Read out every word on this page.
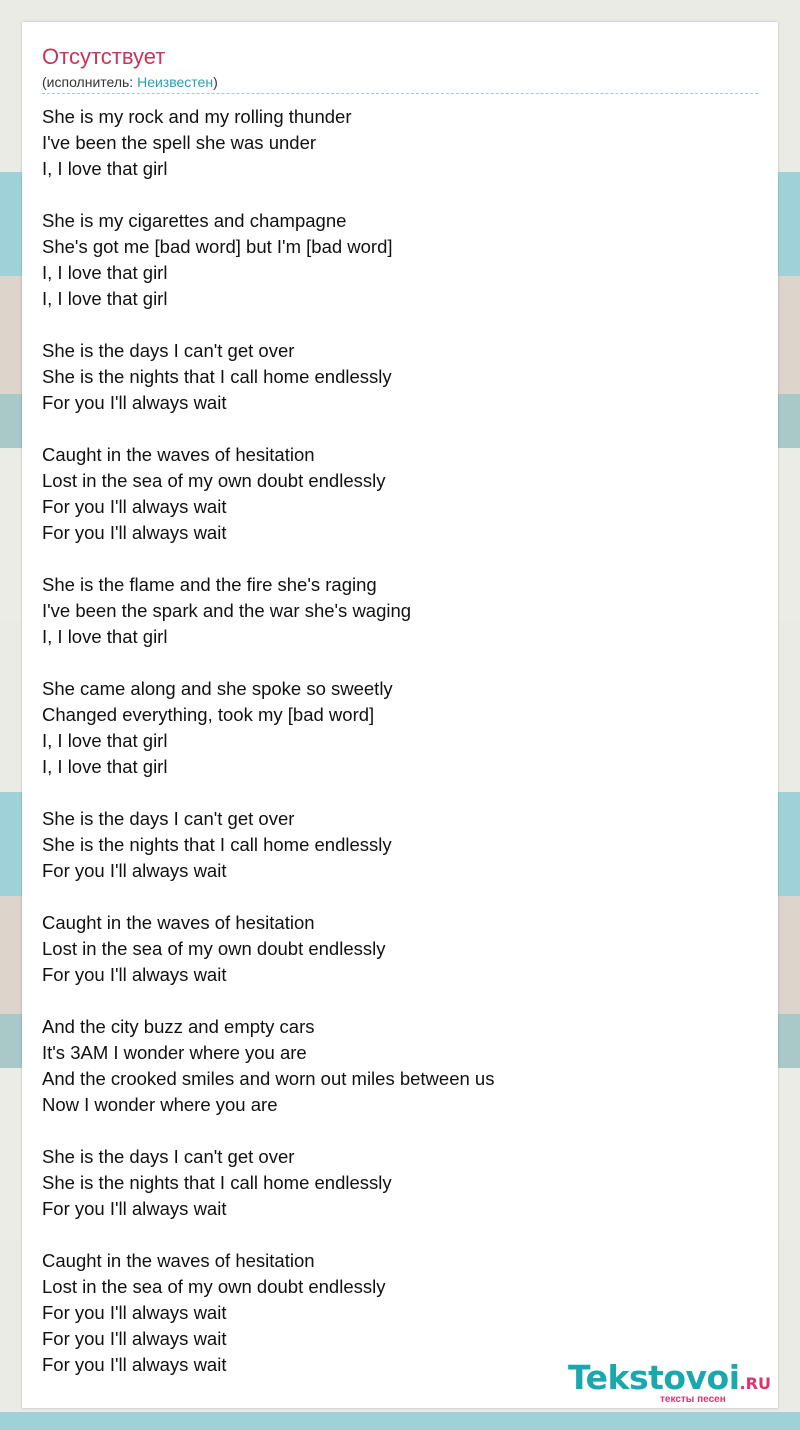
Отсутствует
(исполнитель: Неизвестен)
She is my rock and my rolling thunder
I've been the spell she was under
I, I love that girl
She is my cigarettes and champagne
She's got me [bad word] but I'm [bad word]
I, I love that girl
I, I love that girl
She is the days I can't get over
She is the nights that I call home endlessly
For you I'll always wait
Caught in the waves of hesitation
Lost in the sea of my own doubt endlessly
For you I'll always wait
For you I'll always wait
She is the flame and the fire she's raging
I've been the spark and the war she's waging
I, I love that girl
She came along and she spoke so sweetly
Changed everything, took my [bad word]
I, I love that girl
I, I love that girl
She is the days I can't get over
She is the nights that I call home endlessly
For you I'll always wait
Caught in the waves of hesitation
Lost in the sea of my own doubt endlessly
For you I'll always wait
And the city buzz and empty cars
It's 3AM I wonder where you are
And the crooked smiles and worn out miles between us
Now I wonder where you are
She is the days I can't get over
She is the nights that I call home endlessly
For you I'll always wait
Caught in the waves of hesitation
Lost in the sea of my own doubt endlessly
For you I'll always wait
For you I'll always wait
For you I'll always wait	Tekstovoi.RU
тексты песен
